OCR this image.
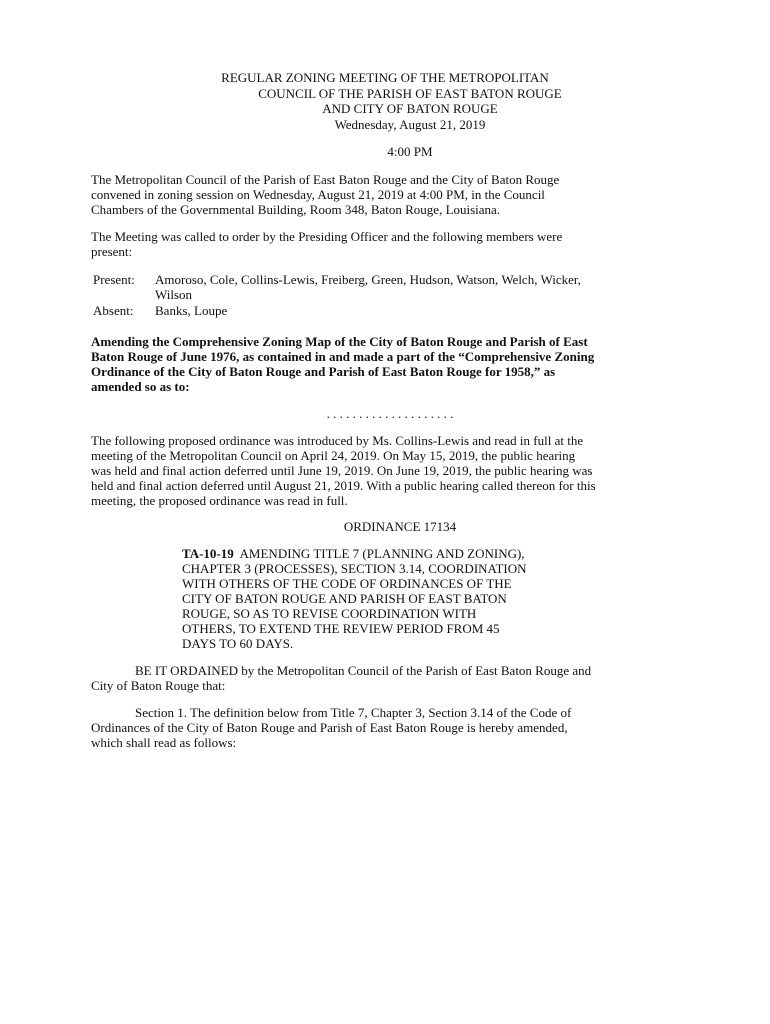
REGULAR ZONING MEETING OF THE METROPOLITAN
COUNCIL OF THE PARISH OF EAST BATON ROUGE
AND CITY OF BATON ROUGE
Wednesday, August 21, 2019
4:00 PM
The Metropolitan Council of the Parish of East Baton Rouge and the City of Baton Rouge
convened in zoning session on Wednesday, August 21, 2019 at 4:00 PM, in the Council
Chambers of the Governmental Building, Room 348, Baton Rouge, Louisiana.
The Meeting was called to order by the Presiding Officer and the following members were
present:
Present: Amoroso, Cole, Collins-Lewis, Freiberg, Green, Hudson, Watson, Welch, Wicker,
Wilson
Absent: Banks, Loupe
Amending the Comprehensive Zoning Map of the City of Baton Rouge and Parish of East
Baton Rouge of June 1976, as contained in and made a part of the “Comprehensive Zoning
Ordinance of the City of Baton Rouge and Parish of East Baton Rouge for 1958,” as
amended so as to:
. . . . . . . . . . . . . . . . . . . .
The following proposed ordinance was introduced by Ms. Collins-Lewis and read in full at the
meeting of the Metropolitan Council on April 24, 2019. On May 15, 2019, the public hearing
was held and final action deferred until June 19, 2019. On June 19, 2019, the public hearing was
held and final action deferred until August 21, 2019. With a public hearing called thereon for this
meeting, the proposed ordinance was read in full.
ORDINANCE 17134
TA-10-19  AMENDING TITLE 7 (PLANNING AND ZONING),
CHAPTER 3 (PROCESSES), SECTION 3.14, COORDINATION
WITH OTHERS OF THE CODE OF ORDINANCES OF THE
CITY OF BATON ROUGE AND PARISH OF EAST BATON
ROUGE, SO AS TO REVISE COORDINATION WITH
OTHERS, TO EXTEND THE REVIEW PERIOD FROM 45
DAYS TO 60 DAYS.
BE IT ORDAINED by the Metropolitan Council of the Parish of East Baton Rouge and
City of Baton Rouge that:
Section 1. The definition below from Title 7, Chapter 3, Section 3.14 of the Code of
Ordinances of the City of Baton Rouge and Parish of East Baton Rouge is hereby amended,
which shall read as follows:
